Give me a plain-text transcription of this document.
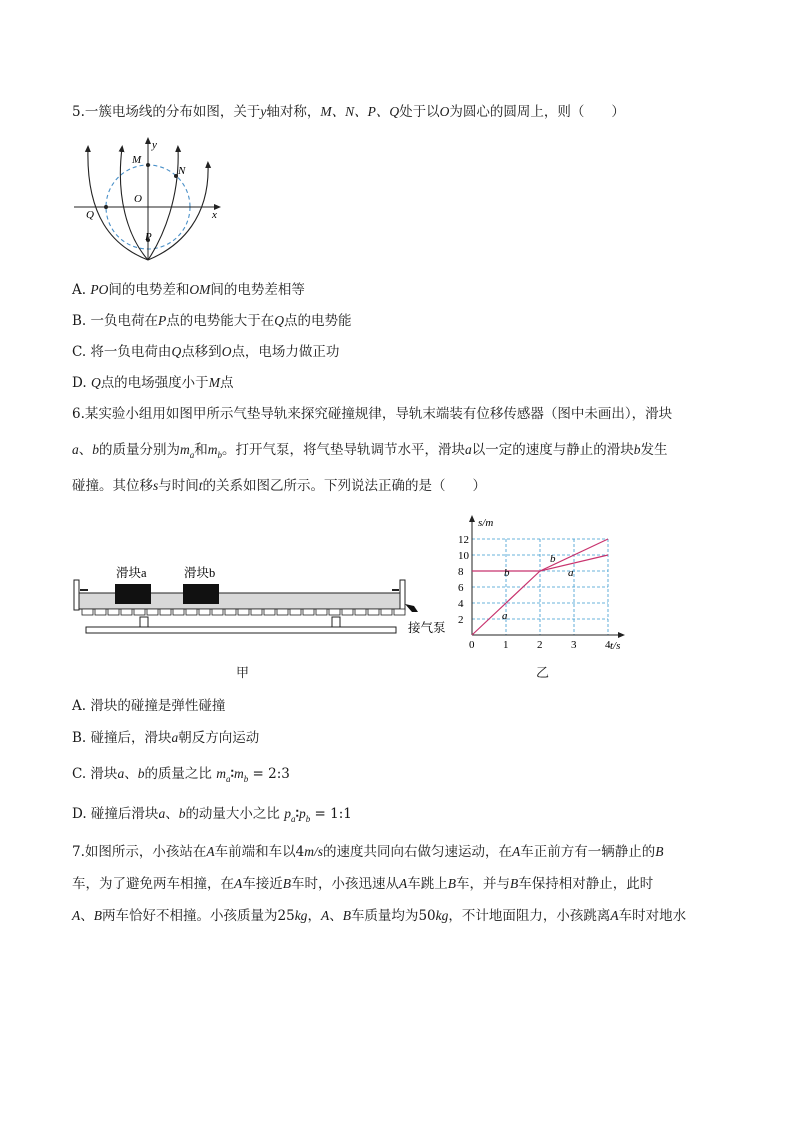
5.一簇电场线的分布如图，关于y轴对称，M、N、P、Q处于以O为圆心的圆周上，则（　　）
y
x
M
N
O
Q
P
A. PO间的电势差和OM间的电势差相等
B. 一负电荷在P点的电势能大于在Q点的电势能
C. 将一负电荷由Q点移到O点，电场力做正功
D. Q点的电场强度小于M点
6.某实验小组用如图甲所示气垫导轨来探究碰撞规律，导轨末端装有位移传感器（图中未画出），滑块
a、b的质量分别为$m_a$和$m_b$。打开气泵，将气垫导轨调节水平，滑块a以一定的速度与静止的滑块b发生
碰撞。其位移s与时间t的关系如图乙所示。下列说法正确的是（　　）
滑块a	滑块b
接气泵
甲
0	1	2	3	4
2
4
6
8
10
12
s/m
t/s
b
a
b
a
乙
A. 滑块的碰撞是弹性碰撞
B. 碰撞后，滑块a朝反方向运动
C. 滑块a、b的质量之比 $m_a∶m_b$ = 2:3
D. 碰撞后滑块a、b的动量大小之比 $p_a∶p_b$ = 1:1
7.如图所示，小孩站在A车前端和车以4m/s的速度共同向右做匀速运动，在A车正前方有一辆静止的B
车，为了避免两车相撞，在A车接近B车时，小孩迅速从A车跳上B车，并与B车保持相对静止，此时
A、B两车恰好不相撞。小孩质量为25kg，A、B车质量均为50kg，不计地面阻力，小孩跳离A车时对地水
